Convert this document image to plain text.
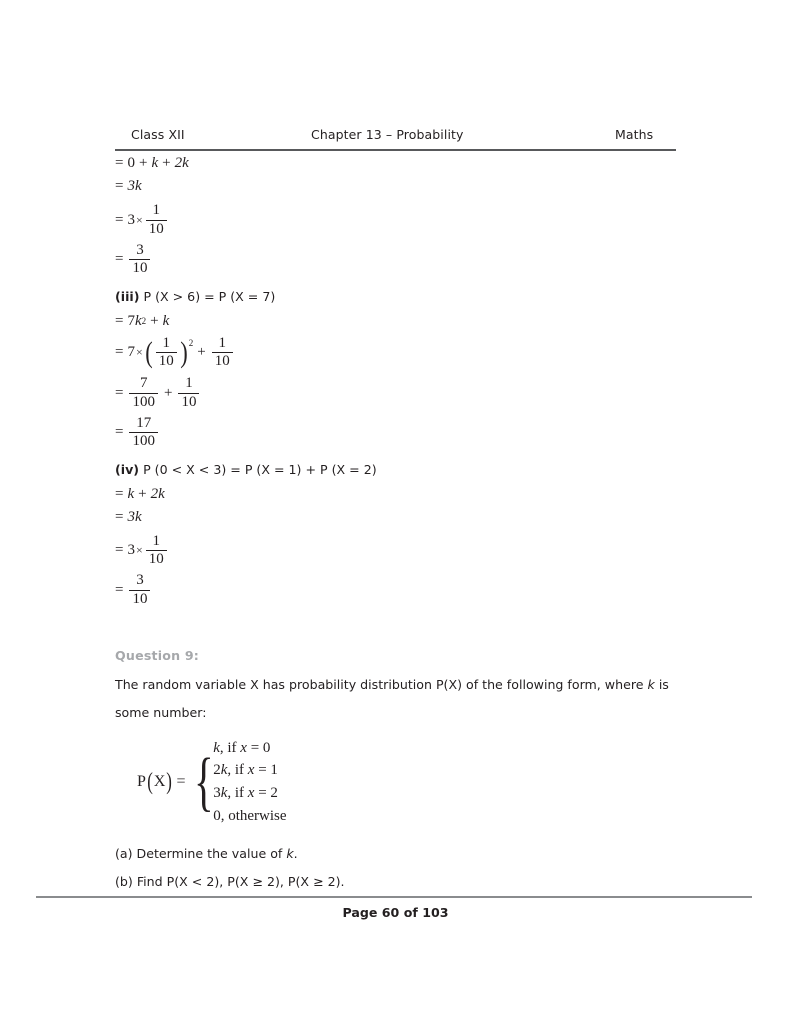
Class XII	Chapter 13 – Probability	Maths
= 0 + k + 2k
= 3k
= $3 \times \frac{1}{10}$
= $\frac{3}{10}$
(iii) P (X > 6) = P (X = 7)
= 7 k 2 + k
= 7 × ( $\frac{1}{10} )^2$
+ $\frac{1}{10}$
= $\frac{7}{100} + \frac{1}{10}$
= $\frac{17}{100}$
(iv) P (0 < X < 3) = P (X = 1) + P (X = 2)
= k + 2k
= 3k
= $3 \times \frac{1}{10}$
= $\frac{3}{10}$
Question 9:
The random variable X has probability distribution P(X) of the following form, where k is
some number:
P ( X ) = { k, if x = 0
2k, if x = 1
3k, if x = 2
0, otherwise
(a) Determine the value of k.
(b) Find P(X < 2), P(X ≥ 2), P(X ≥ 2).
Page 60 of 103
